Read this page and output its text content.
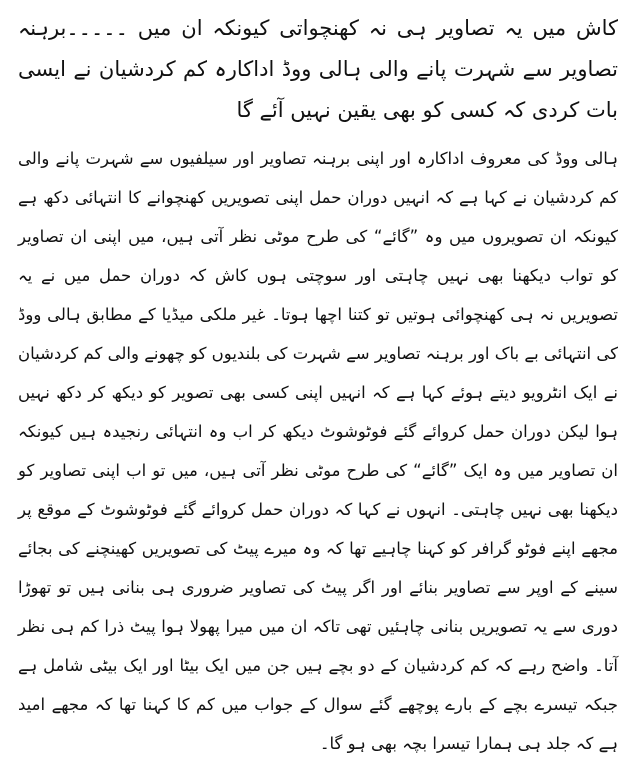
کاش میں یہ تصاویر ہی نہ کھنچواتی کیونکہ ان میں ۔۔۔۔۔برہنہ تصاویر سے شہرت پانے والی ہالی ووڈ اداکارہ کم کردشیان نے ایسی بات کردی کہ کسی کو بھی یقین نہیں آئے گا

ہالی ووڈ کی معروف اداکارہ اور اپنی برہنہ تصاویر اور سیلفیوں سے شہرت پانے والی کم کردشیان نے کہا ہے کہ انہیں دوران حمل اپنی تصویریں کھنچوانے کا انتہائی دکھ ہے کیونکہ ان تصویروں میں وہ ”گائے“ کی طرح موٹی نظر آتی ہیں، میں اپنی ان تصاویر کو تواب دیکھنا بھی نہیں چاہتی اور سوچتی ہوں کاش کہ دوران حمل میں نے یہ تصویریں نہ ہی کھنچوائی ہوتیں تو کتنا اچھا ہوتا۔ غیر ملکی میڈیا کے مطابق ہالی ووڈ کی انتہائی بے باک اور برہنہ تصاویر سے شہرت کی بلندیوں کو چھونے والی کم کردشیان نے ایک انٹرویو دیتے ہوئے کہا ہے کہ انہیں اپنی کسی بھی تصویر کو دیکھ کر دکھ نہیں ہوا لیکن دوران حمل کروائے گئے فوٹوشوٹ دیکھ کر اب وہ انتہائی رنجیدہ ہیں کیونکہ ان تصاویر میں وہ ایک ”گائے“ کی طرح موٹی نظر آتی ہیں، میں تو اب اپنی تصاویر کو دیکھنا بھی نہیں چاہتی۔ انہوں نے کہا کہ دوران حمل کروائے گئے فوٹوشوٹ کے موقع پر مجھے اپنے فوٹو گرافر کو کہنا چاہیے تھا کہ وہ میرے پیٹ کی تصویریں کھینچنے کی بجائے سینے کے اوپر سے تصاویر بنائے اور اگر پیٹ کی تصاویر ضروری ہی بنانی ہیں تو تھوڑا دوری سے یہ تصویریں بنانی چاہئیں تھی تاکہ ان میں میرا پھولا ہوا پیٹ ذرا کم ہی نظر آتا۔ واضح رہے کہ کم کردشیان کے دو بچے ہیں جن میں ایک بیٹا اور ایک بیٹی شامل ہے جبکہ تیسرے بچے کے بارے پوچھے گئے سوال کے جواب میں کم کا کہنا تھا کہ مجھے امید ہے کہ جلد ہی ہمارا تیسرا بچہ بھی ہو گا۔
